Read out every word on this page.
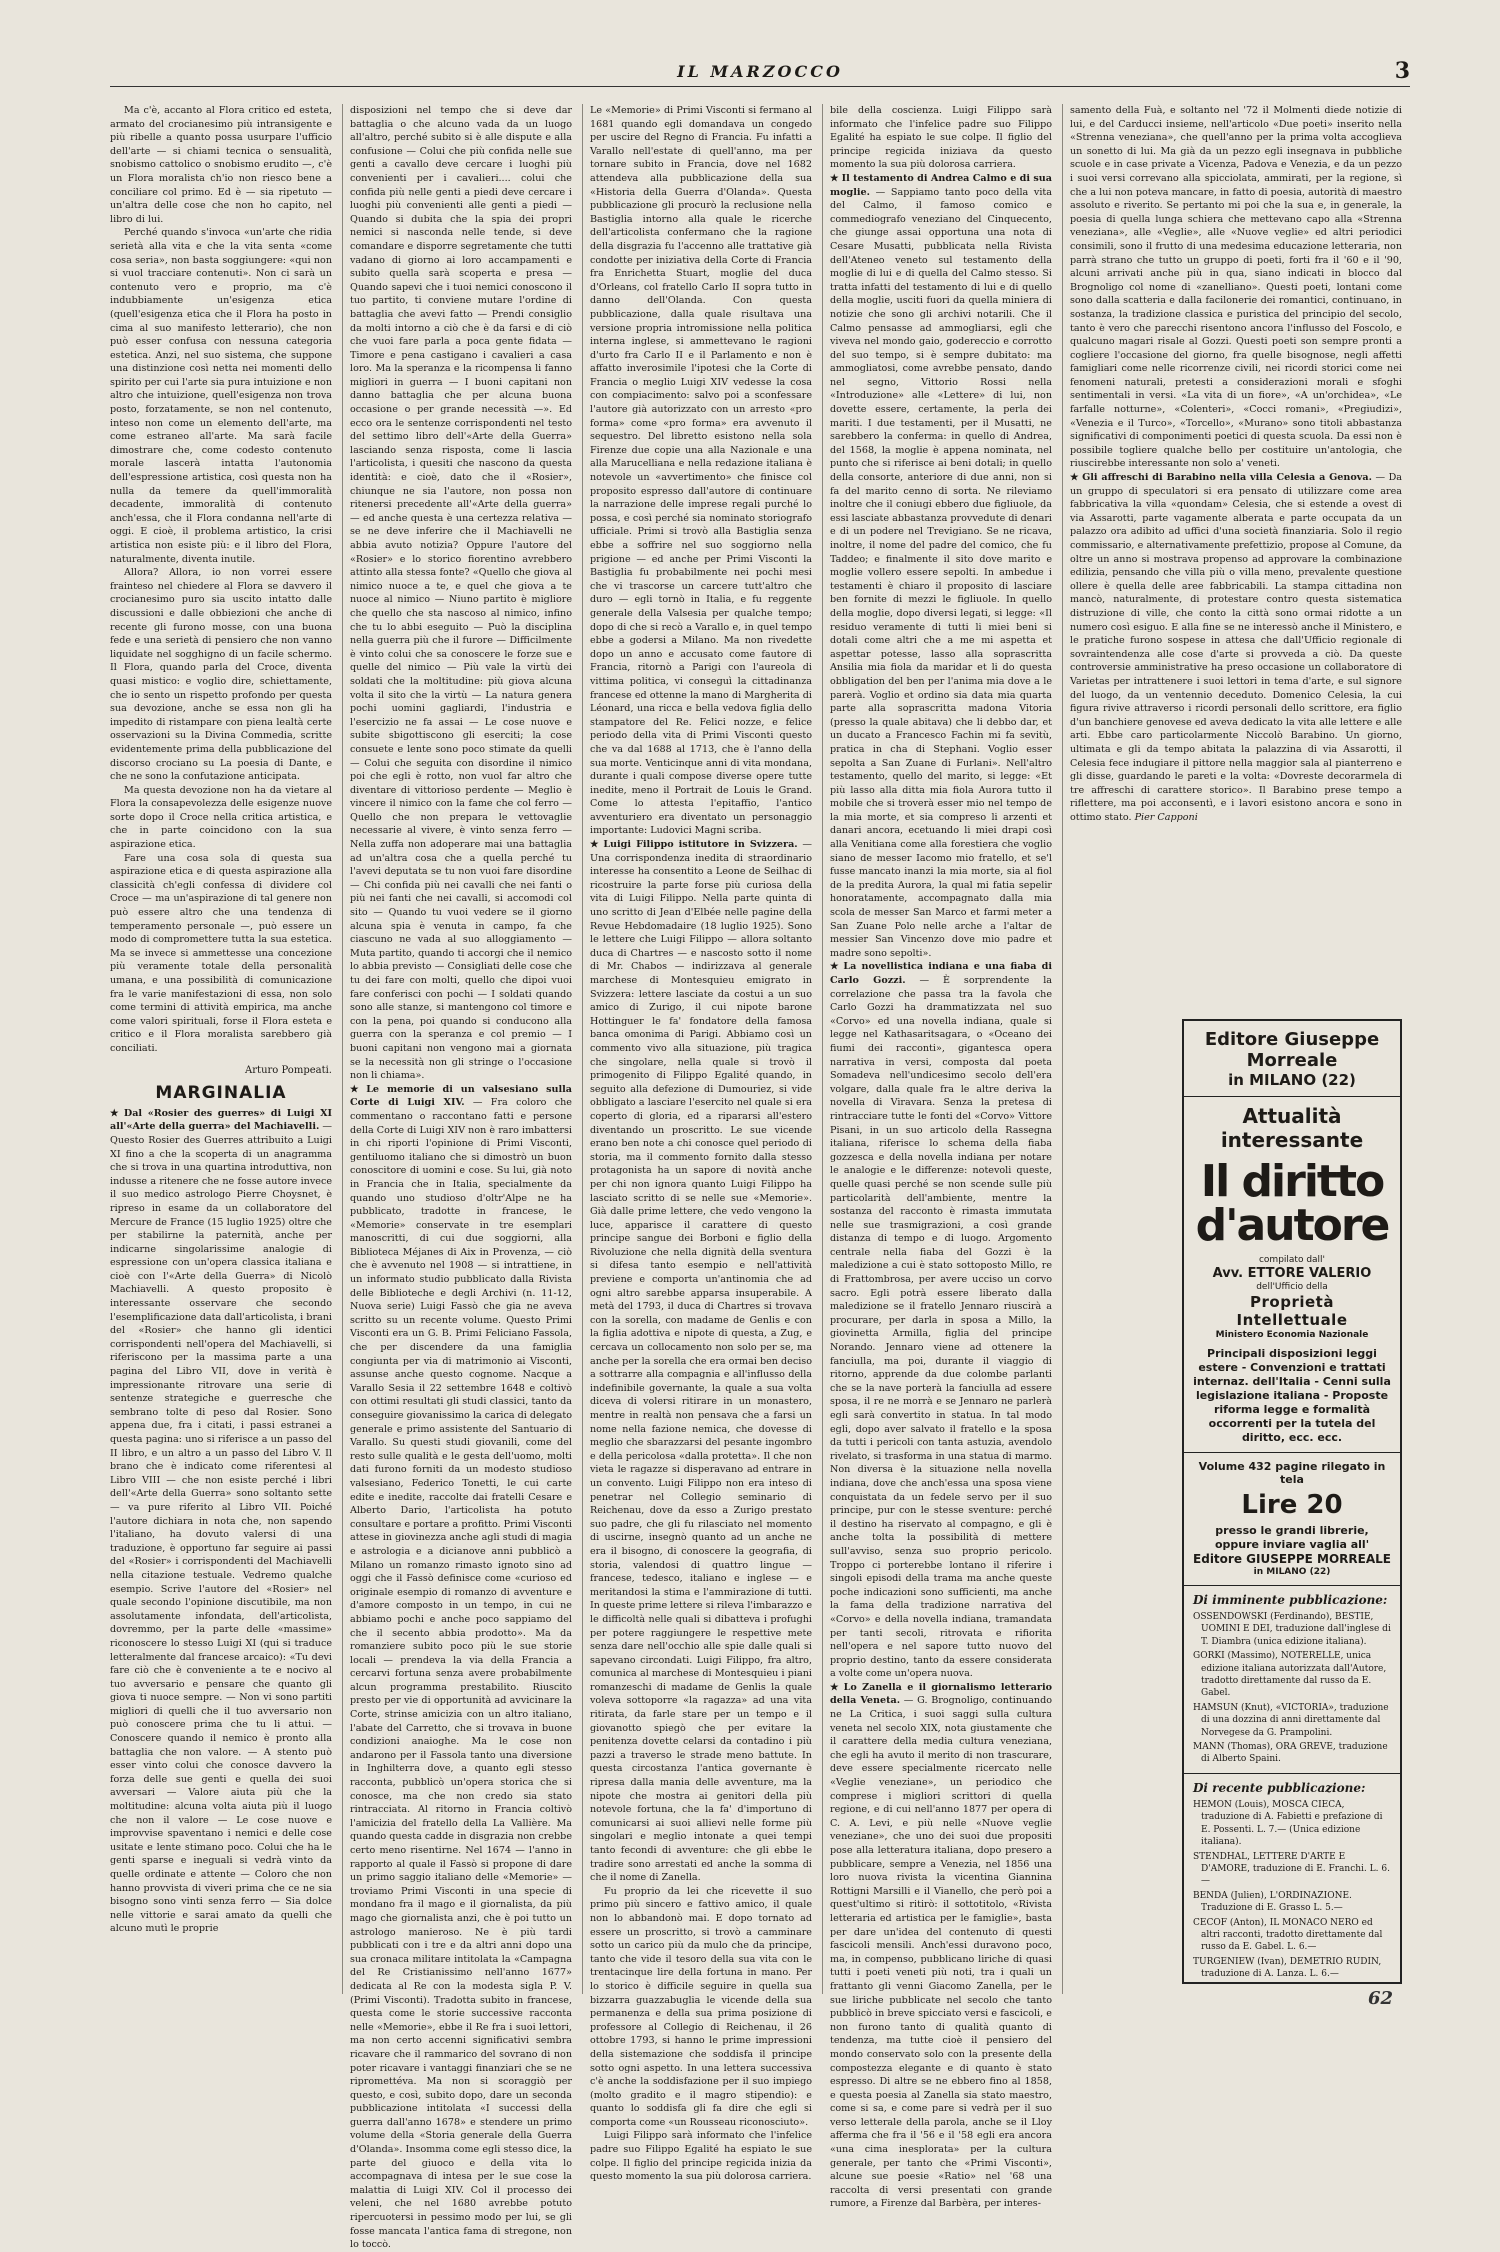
IL MARZOCCO	3

Ma c'è, accanto al Flora critico ed esteta, armato del crocianesimo più intransigente e più ribelle a quanto possa usurpare l'ufficio dell'arte — si chiami tecnica o sensualità, snobismo cattolico o snobismo erudito —, c'è un Flora moralista ch'io non riesco bene a conciliare col primo. Ed è — sia ripetuto — un'altra delle cose che non ho capito, nel libro di lui.

Perché quando s'invoca «un'arte che ridia serietà alla vita e che la vita senta «come cosa seria», non basta soggiungere: «qui non si vuol tracciare contenuti». Non ci sarà un contenuto vero e proprio, ma c'è indubbiamente un'esigenza etica (quell'esigenza etica che il Flora ha posto in cima al suo manifesto letterario), che non può esser confusa con nessuna categoria estetica. Anzi, nel suo sistema, che suppone una distinzione così netta nei momenti dello spirito per cui l'arte sia pura intuizione e non altro che intuizione, quell'esigenza non trova posto, forzatamente, se non nel contenuto, inteso non come un elemento dell'arte, ma come estraneo all'arte. Ma sarà facile dimostrare che, come codesto contenuto morale lascerà intatta l'autonomia dell'espressione artistica, così questa non ha nulla da temere da quell'immoralità decadente, immoralità di contenuto anch'essa, che il Flora condanna nell'arte di oggi. E cioè, il problema artistico, la crisi artistica non esiste più: e il libro del Flora, naturalmente, diventa inutile.

Allora? Allora, io non vorrei essere frainteso nel chiedere al Flora se davvero il crocianesimo puro sia uscito intatto dalle discussioni e dalle obbiezioni che anche di recente gli furono mosse, con una buona fede e una serietà di pensiero che non vanno liquidate nel sogghigno di un facile schermo. Il Flora, quando parla del Croce, diventa quasi mistico: e voglio dire, schiettamente, che io sento un rispetto profondo per questa sua devozione, anche se essa non gli ha impedito di ristampare con piena lealtà certe osservazioni su la Divina Commedia, scritte evidentemente prima della pubblicazione del discorso crociano su La poesia di Dante, e che ne sono la confutazione anticipata.

Ma questa devozione non ha da vietare al Flora la consapevolezza delle esigenze nuove sorte dopo il Croce nella critica artistica, e che in parte coincidono con la sua aspirazione etica.

Fare una cosa sola di questa sua aspirazione etica e di questa aspirazione alla classicità ch'egli confessa di dividere col Croce — ma un'aspirazione di tal genere non può essere altro che una tendenza di temperamento personale —, può essere un modo di compromettere tutta la sua estetica. Ma se invece si ammettesse una concezione più veramente totale della personalità umana, e una possibilità di comunicazione fra le varie manifestazioni di essa, non solo come termini di attività empirica, ma anche come valori spirituali, forse il Flora esteta e critico e il Flora moralista sarebbero già conciliati.

Arturo Pompeati.
MARGINALIA

★ Dal «Rosier des guerres» di Luigi XI all'«Arte della guerra» del Machiavelli. — Questo Rosier des Guerres attribuito a Luigi XI fino a che la scoperta di un anagramma che si trova in una quartina introduttiva, non indusse a ritenere che ne fosse autore invece il suo medico astrologo Pierre Choysnet, è ripreso in esame da un collaboratore del Mercure de France (15 luglio 1925) oltre che per stabilirne la paternità, anche per indicarne singolarissime analogie di espressione con un'opera classica italiana e cioè con l'«Arte della Guerra» di Nicolò Machiavelli. A questo proposito è interessante osservare che secondo l'esemplificazione data dall'articolista, i brani del «Rosier» che hanno gli identici corrispondenti nell'opera del Machiavelli, si riferiscono per la massima parte a una pagina del Libro VII, dove in verità è impressionante ritrovare una serie di sentenze strategiche e guerresche che sembrano tolte di peso dal Rosier. Sono appena due, fra i citati, i passi estranei a questa pagina: uno si riferisce a un passo del II libro, e un altro a un passo del Libro V. Il brano che è indicato come riferentesi al Libro VIII — che non esiste perché i libri dell'«Arte della Guerra» sono soltanto sette — va pure riferito al Libro VII. Poiché l'autore dichiara in nota che, non sapendo l'italiano, ha dovuto valersi di una traduzione, è opportuno far seguire ai passi del «Rosier» i corrispondenti del Machiavelli nella citazione testuale. Vedremo qualche esempio. Scrive l'autore del «Rosier» nel quale secondo l'opinione discutibile, ma non assolutamente infondata, dell'articolista, dovremmo, per la parte delle «massime» riconoscere lo stesso Luigi XI (qui si traduce letteralmente dal francese arcaico): «Tu devi fare ciò che è conveniente a te e nocivo al tuo avversario e pensare che quanto gli giova ti nuoce sempre. — Non vi sono partiti migliori di quelli che il tuo avversario non può conoscere prima che tu li attui. — Conoscere quando il nemico è pronto alla battaglia che non valore. — A stento può esser vinto colui che conosce davvero la forza delle sue genti e quella dei suoi avversari — Valore aiuta più che la moltitudine: alcuna volta aiuta più il luogo che non il valore — Le cose nuove e improvvise spaventano i nemici e delle cose usitate e lente stimano poco. Colui che ha le genti sparse e ineguali si vedrà vinto da quelle ordinate e attente — Coloro che non hanno provvista di viveri prima che ce ne sia bisogno sono vinti senza ferro — Sia dolce nelle vittorie e sarai amato da quelli che alcuno mutì le proprie

disposizioni nel tempo che si deve dar battaglia o che alcuno vada da un luogo all'altro, perché subito si è alle dispute e alla confusione — Colui che più confida nelle sue genti a cavallo deve cercare i luoghi più convenienti per i cavalieri.... colui che confida più nelle genti a piedi deve cercare i luoghi più convenienti alle genti a piedi — Quando si dubita che la spia dei propri nemici si nasconda nelle tende, si deve comandare e disporre segretamente che tutti vadano di giorno ai loro accampamenti e subito quella sarà scoperta e presa — Quando sapevi che i tuoi nemici conoscono il tuo partito, ti conviene mutare l'ordine di battaglia che avevi fatto — Prendi consiglio da molti intorno a ciò che è da farsi e di ciò che vuoi fare parla a poca gente fidata — Timore e pena castigano i cavalieri a casa loro. Ma la speranza e la ricompensa li fanno migliori in guerra — I buoni capitani non danno battaglia che per alcuna buona occasione o per grande necessità —». Ed ecco ora le sentenze corrispondenti nel testo del settimo libro dell'«Arte della Guerra» lasciando senza risposta, come li lascia l'articolista, i quesiti che nascono da questa identità: e cioè, dato che il «Rosier», chiunque ne sia l'autore, non possa non ritenersi precedente all'«Arte della guerra» — ed anche questa è una certezza relativa — se ne deve inferire che il Machiavelli ne abbia avuto notizia? Oppure l'autore del «Rosier» e lo storico fiorentino avrebbero attinto alla stessa fonte? «Quello che giova al nimico nuoce a te, e quel che giova a te nuoce al nimico — Niuno partito è migliore che quello che sta nascoso al nimico, infino che tu lo abbi eseguito — Può la disciplina nella guerra più che il furore — Difficilmente è vinto colui che sa conoscere le forze sue e quelle del nimico — Più vale la virtù dei soldati che la moltitudine: più giova alcuna volta il sito che la virtù — La natura genera pochi uomini gagliardi, l'industria e l'esercizio ne fa assai — Le cose nuove e subite sbigottiscono gli eserciti; la cose consuete e lente sono poco stimate da quelli — Colui che seguita con disordine il nimico poi che egli è rotto, non vuol far altro che diventare di vittorioso perdente — Meglio è vincere il nimico con la fame che col ferro — Quello che non prepara le vettovaglie necessarie al vivere, è vinto senza ferro — Nella zuffa non adoperare mai una battaglia ad un'altra cosa che a quella perché tu l'avevi deputata se tu non vuoi fare disordine — Chi confida più nei cavalli che nei fanti o più nei fanti che nei cavalli, si accomodi col sito — Quando tu vuoi vedere se il giorno alcuna spia è venuta in campo, fa che ciascuno ne vada al suo alloggiamento — Muta partito, quando ti accorgi che il nemico lo abbia previsto — Consigliati delle cose che tu dei fare con molti, quello che dipoi vuoi fare conferisci con pochi — I soldati quando sono alle stanze, si mantengono col timore e con la pena, poi quando si conducono alla guerra con la speranza e col premio — I buoni capitani non vengono mai a giornata se la necessità non gli stringe o l'occasione non li chiama».

★ Le memorie di un valsesiano sulla Corte di Luigi XIV. — Fra coloro che commentano o raccontano fatti e persone della Corte di Luigi XIV non è raro imbattersi in chi riporti l'opinione di Primi Visconti, gentiluomo italiano che si dimostrò un buon conoscitore di uomini e cose. Su lui, già noto in Francia che in Italia, specialmente da quando uno studioso d'oltr'Alpe ne ha pubblicato, tradotte in francese, le «Memorie» conservate in tre esemplari manoscritti, di cui due soggiorni, alla Biblioteca Méjanes di Aix in Provenza, — ciò che è avvenuto nel 1908 — si intrattiene, in un informato studio pubblicato dalla Rivista delle Biblioteche e degli Archivi (n. 11-12, Nuova serie) Luigi Fassò che gia ne aveva scritto su un recente volume. Questo Primi Visconti era un G. B. Primi Feliciano Fassola, che per discendere da una famiglia congiunta per via di matrimonio ai Visconti, assunse anche questo cognome. Nacque a Varallo Sesia il 22 settembre 1648 e coltivò con ottimi resultati gli studi classici, tanto da conseguire giovanissimo la carica di delegato generale e primo assistente del Santuario di Varallo. Su questi studi giovanili, come del resto sulle qualità e le gesta dell'uomo, molti dati furono forniti da un modesto studioso valsesiano, Federico Tonetti, le cui carte edite e inedite, raccolte dai fratelli Cesare e Alberto Dario, l'articolista ha potuto consultare e portare a profitto. Primi Visconti attese in giovinezza anche agli studi di magia e astrologia e a dicianove anni pubblicò a Milano un romanzo rimasto ignoto sino ad oggi che il Fassò definisce come «curioso ed originale esempio di romanzo di avventure e d'amore composto in un tempo, in cui ne abbiamo pochi e anche poco sappiamo del che il secento abbia prodotto». Ma da romanziere subito poco più le sue storie locali — prendeva la via della Francia a cercarvi fortuna senza avere probabilmente alcun programma prestabilito. Riuscito presto per vie di opportunità ad avvicinare la Corte, strinse amicizia con un altro italiano, l'abate del Carretto, che si trovava in buone condizioni anaioghe. Ma le cose non andarono per il Fassola tanto una diversione in Inghilterra dove, a quanto egli stesso racconta, pubblicò un'opera storica che si conosce, ma che non credo sia stato rintracciata. Al ritorno in Francia coltivò l'amicizia del fratello della La Vallière. Ma quando questa cadde in disgrazia non crebbe certo meno risentirne. Nel 1674 — l'anno in rapporto al quale il Fassò si propone di dare un primo saggio italiano delle «Memorie» — troviamo Primi Visconti in una specie di mondano fra il mago e il giornalista, da più mago che giornalista anzi, che è poi tutto un astrologo manieroso. Ne è più tardi pubblicati con i tre e da altri anni dopo una sua cronaca militare intitolata la «Campagna del Re Cristianissimo nell'anno 1677» dedicata al Re con la modesta sigla P. V. (Primi Visconti). Tradotta subito in francese, questa come le storie successive racconta nelle «Memorie», ebbe il Re fra i suoi lettori, ma non certo accenni significativi sembra ricavare che il rammarico del sovrano di non poter ricavare i vantaggi finanziari che se ne ripromettéva. Ma non si scoraggiò per questo, e così, subito dopo, dare un seconda pubblicazione intitolata «I successi della guerra dall'anno 1678» e stendere un primo volume della «Storia generale della Guerra d'Olanda». Insomma come egli stesso dice, la parte del giuoco e della vita lo accompagnava di intesa per le sue cose la malattia di Luigi XIV. Col il processo dei veleni, che nel 1680 avrebbe potuto ripercuotersi in pessimo modo per lui, se gli fosse mancata l'antica fama di stregone, non lo toccò.

Le «Memorie» di Primi Visconti si fermano al 1681 quando egli domandava un congedo per uscire del Regno di Francia. Fu infatti a Varallo nell'estate di quell'anno, ma per tornare subito in Francia, dove nel 1682 attendeva alla pubblicazione della sua «Historia della Guerra d'Olanda». Questa pubblicazione gli procurò la reclusione nella Bastiglia intorno alla quale le ricerche dell'articolista confermano che la ragione della disgrazia fu l'accenno alle trattative già condotte per iniziativa della Corte di Francia fra Enrichetta Stuart, moglie del duca d'Orleans, col fratello Carlo II sopra tutto in danno dell'Olanda. Con questa pubblicazione, dalla quale risultava una versione propria intromissione nella politica interna inglese, si ammettevano le ragioni d'urto fra Carlo II e il Parlamento e non è affatto inverosimile l'ipotesi che la Corte di Francia o meglio Luigi XIV vedesse la cosa con compiacimento: salvo poi a sconfessare l'autore già autorizzato con un arresto «pro forma» come «pro forma» era avvenuto il sequestro. Del libretto esistono nella sola Firenze due copie una alla Nazionale e una alla Marucelliana e nella redazione italiana è notevole un «avvertimento» che finisce col proposito espresso dall'autore di continuare la narrazione delle imprese regali purché lo possa, e così perché sia nominato storiografo ufficiale. Primi si trovò alla Bastiglia senza ebbe a soffrire nel suo soggiorno nella prigione — ed anche per Primi Visconti la Bastiglia fu probabilmente nei pochi mesi che vi trascorse un carcere tutt'altro che duro — egli tornò in Italia, e fu reggente generale della Valsesia per qualche tempo; dopo di che si recò a Varallo e, in quel tempo ebbe a godersi a Milano. Ma non rivedette dopo un anno e accusato come fautore di Francia, ritornò a Parigi con l'aureola di vittima politica, vi conseguì la cittadinanza francese ed ottenne la mano di Margherita di Léonard, una ricca e bella vedova figlia dello stampatore del Re. Felici nozze, e felice periodo della vita di Primi Visconti questo che va dal 1688 al 1713, che è l'anno della sua morte. Venticinque anni di vita mondana, durante i quali compose diverse opere tutte inedite, meno il Portrait de Louis le Grand. Come lo attesta l'epitaffio, l'antico avventuriero era diventato un personaggio importante: Ludovici Magni scriba.

★ Luigi Filippo istitutore in Svizzera. — Una corrispondenza inedita di straordinario interesse ha consentito a Leone de Seilhac di ricostruire la parte forse più curiosa della vita di Luigi Filippo. Nella parte quinta di uno scritto di Jean d'Elbée nelle pagine della Revue Hebdomadaire (18 luglio 1925). Sono le lettere che Luigi Filippo — allora soltanto duca di Chartres — e nascosto sotto il nome di Mr. Chabos — indirizzava al generale marchese di Montesquieu emigrato in Svizzera: lettere lasciate da costui a un suo amico di Zurigo, il cui nipote barone Hottinguer le fa' fondatore della famosa banca omonima di Parigi. Abbiamo così un commento vivo alla situazione, più tragica che singolare, nella quale si trovò il primogenito di Filippo Egalité quando, in seguito alla defezione di Dumouriez, si vide obbligato a lasciare l'esercito nel quale si era coperto di gloria, ed a ripararsi all'estero diventando un proscritto. Le sue vicende erano ben note a chi conosce quel periodo di storia, ma il commento fornito dalla stesso protagonista ha un sapore di novità anche per chi non ignora quanto Luigi Filippo ha lasciato scritto di se nelle sue «Memorie». Già dalle prime lettere, che vedo vengono la luce, apparisce il carattere di questo principe sangue dei Borboni e figlio della Rivoluzione che nella dignità della sventura si difesa tanto esempio e nell'attività previene e comporta un'antinomia che ad ogni altro sarebbe apparsa insuperabile. A metà del 1793, il duca di Chartres si trovava con la sorella, con madame de Genlis e con la figlia adottiva e nipote di questa, a Zug, e cercava un collocamento non solo per se, ma anche per la sorella che era ormai ben deciso a sottrarre alla compagnia e all'influsso della indefinibile governante, la quale a sua volta diceva di volersi ritirare in un monastero, mentre in realtà non pensava che a farsi un nome nella fazione nemica, che dovesse di meglio che sbarazzarsi del pesante ingombro e della pericolosa «dalla protetta». Il che non vieta le ragazze si disperavano ad entrare in un convento. Luigi Filippo non era inteso di penetrar nel Collegio seminario di Reichenau, dove da esso a Zurigo prestato suo padre, che gli fu rilasciato nel momento di uscirne, insegnò quanto ad un anche ne era il bisogno, di conoscere la geografia, di storia, valendosi di quattro lingue — francese, tedesco, italiano e inglese — e meritandosi la stima e l'ammirazione di tutti. In queste prime lettere si rileva l'imbarazzo e le difficoltà nelle quali si dibatteva i profughi per potere raggiungere le respettive mete senza dare nell'occhio alle spie dalle quali si sapevano circondati. Luigi Filippo, fra altro, comunica al marchese di Montesquieu i piani romanzeschi di madame de Genlis la quale voleva sottoporre «la ragazza» ad una vita ritirata, da farle stare per un tempo e il giovanotto spiegò che per evitare la penitenza dovette celarsi da contadino i più pazzi a traverso le strade meno battute. In questa circostanza l'antica governante è ripresa dalla mania delle avventure, ma la nipote che mostra ai genitori della più notevole fortuna, che la fa' d'importuno di comunicarsi ai suoi allievi nelle forme più singolari e meglio intonate a quei tempi tanto fecondi di avventure: che gli ebbe le tradire sono arrestati ed anche la somma di che il nome di Zanella.

Fu proprio da lei che ricevette il suo primo più sincero e fattivo amico, il quale non lo abbandonò mai. E dopo tornato ad essere un proscritto, si trovò a camminare sotto un carico più da mulo che da principe, tanto che vide il tesoro della sua vita con le trentacinque lire della fortuna in mano. Per lo storico è difficile seguire in quella sua bizzarra guazzabuglia le vicende della sua permanenza e della sua prima posizione di professore al Collegio di Reichenau, il 26 ottobre 1793, si hanno le prime impressioni della sistemazione che soddisfa il principe sotto ogni aspetto. In una lettera successiva c'è anche la soddisfazione per il suo impiego (molto gradito e il magro stipendio): e quanto lo soddisfa gli fa dire che egli si comporta come «un Rousseau riconosciuto».

Luigi Filippo sarà informato che l'infelice padre suo Filippo Egalité ha espiato le sue colpe. Il figlio del principe regicida inizia da questo momento la sua più dolorosa carriera.

bile della coscienza. Luigi Filippo sarà informato che l'infelice padre suo Filippo Egalité ha espiato le sue colpe. Il figlio del principe regicida iniziava da questo momento la sua più dolorosa carriera.

★ Il testamento di Andrea Calmo e di sua moglie. — Sappiamo tanto poco della vita del Calmo, il famoso comico e commediografo veneziano del Cinquecento, che giunge assai opportuna una nota di Cesare Musatti, pubblicata nella Rivista dell'Ateneo veneto sul testamento della moglie di lui e di quella del Calmo stesso. Si tratta infatti del testamento di lui e di quello della moglie, usciti fuori da quella miniera di notizie che sono gli archivi notarili. Che il Calmo pensasse ad ammogliarsi, egli che viveva nel mondo gaio, godereccio e corrotto del suo tempo, si è sempre dubitato: ma ammogliatosi, come avrebbe pensato, dando nel segno, Vittorio Rossi nella «Introduzione» alle «Lettere» di lui, non dovette essere, certamente, la perla dei mariti. I due testamenti, per il Musatti, ne sarebbero la conferma: in quello di Andrea, del 1568, la moglie è appena nominata, nel punto che si riferisce ai beni dotali; in quello della consorte, anteriore di due anni, non si fa del marito cenno di sorta. Ne rileviamo inoltre che il coniugi ebbero due figliuole, da essi lasciate abbastanza provvedute di denari e di un podere nel Trevigiano. Se ne ricava, inoltre, il nome del padre del comico, che fu Taddeo; e finalmente il sito dove marito e moglie vollero essere sepolti. In ambedue i testamenti è chiaro il proposito di lasciare ben fornite di mezzi le figliuole. In quello della moglie, dopo diversi legati, si legge: «Il residuo veramente di tutti li miei beni si dotali come altri che a me mi aspetta et aspettar potesse, lasso alla soprascritta Ansilia mia fiola da maridar et li do questa obbligation del ben per l'anima mia dove a le parerà. Voglio et ordino sia data mia quarta parte alla soprascritta madona Vitoria (presso la quale abitava) che li debbo dar, et un ducato a Francesco Fachin mi fa sevitù, pratica in cha di Stephani. Voglio esser sepolta a San Zuane di Furlani». Nell'altro testamento, quello del marito, si legge: «Et più lasso alla ditta mia fiola Aurora tutto il mobile che si troverà esser mio nel tempo de la mia morte, et sia compreso li arzenti et danari ancora, ecetuando li miei drapi così alla Venitiana come alla forestiera che voglio siano de messer Iacomo mio fratello, et se'l fusse mancato inanzi la mia morte, sia al fiol de la predita Aurora, la qual mi fatia sepelir honoratamente, accompagnato dalla mia scola de messer San Marco et farmi meter a San Zuane Polo nelle arche a l'altar de messier San Vincenzo dove mio padre et madre sono sepolti».

★ La novellistica indiana e una fiaba di Carlo Gozzi. — È sorprendente la correlazione che passa tra la favola che Carlo Gozzi ha drammatizzata nel suo «Corvo» ed una novella indiana, quale si legge nel Kathasaritsagara, o «Oceano dei fiumi dei racconti», gigantesca opera narrativa in versi, composta dal poeta Somadeva nell'undicesimo secolo dell'era volgare, dalla quale fra le altre deriva la novella di Viravara. Senza la pretesa di rintracciare tutte le fonti del «Corvo» Vittore Pisani, in un suo articolo della Rassegna italiana, riferisce lo schema della fiaba gozzesca e della novella indiana per notare le analogie e le differenze: notevoli queste, quelle quasi perché se non scende sulle più particolarità dell'ambiente, mentre la sostanza del racconto è rimasta immutata nelle sue trasmigrazioni, a così grande distanza di tempo e di luogo. Argomento centrale nella fiaba del Gozzi è la maledizione a cui è stato sottoposto Millo, re di Frattombrosa, per avere ucciso un corvo sacro. Egli potrà essere liberato dalla maledizione se il fratello Jennaro riuscirà a procurare, per darla in sposa a Millo, la giovinetta Armilla, figlia del principe Norando. Jennaro viene ad ottenere la fanciulla, ma poi, durante il viaggio di ritorno, apprende da due colombe parlanti che se la nave porterà la fanciulla ad essere sposa, il re ne morrà e se Jennaro ne parlerà egli sarà convertito in statua. In tal modo egli, dopo aver salvato il fratello e la sposa da tutti i pericoli con tanta astuzia, avendolo rivelato, si trasforma in una statua di marmo. Non diversa è la situazione nella novella indiana, dove che anch'essa una sposa viene conquistata da un fedele servo per il suo principe, pur con le stesse sventure: perché il destino ha riservato al compagno, e gli è anche tolta la possibilità di mettere sull'avviso, senza suo proprio pericolo. Troppo ci porterebbe lontano il riferire i singoli episodi della trama ma anche queste poche indicazioni sono sufficienti, ma anche la fama della tradizione narrativa del «Corvo» e della novella indiana, tramandata per tanti secoli, ritrovata e rifiorita nell'opera e nel sapore tutto nuovo del proprio destino, tanto da essere considerata a volte come un'opera nuova.

★ Lo Zanella e il giornalismo letterario della Veneta. — G. Brognoligo, continuando ne La Critica, i suoi saggi sulla cultura veneta nel secolo XIX, nota giustamente che il carattere della media cultura veneziana, che egli ha avuto il merito di non trascurare, deve essere specialmente ricercato nelle «Veglie veneziane», un periodico che comprese i migliori scrittori di quella regione, e di cui nell'anno 1877 per opera di C. A. Levi, e più nelle «Nuove veglie veneziane», che uno dei suoi due propositi pose alla letteratura italiana, dopo presero a pubblicare, sempre a Venezia, nel 1856 una loro nuova rivista la vicentina Giannina Rottigni Marsilli e il Vianello, che però poi a quest'ultimo si ritirò: il sottotitolo, «Rivista letteraria ed artistica per le famiglie», basta per dare un'idea del contenuto di questi fascicoli mensili. Anch'essi duravono poco, ma, in compenso, pubblicano liriche di quasi tutti i poeti veneti più noti, tra i quali un frattanto gli venni Giacomo Zanella, per le sue liriche pubblicate nel secolo che tanto pubblicò in breve spicciato versi e fascicoli, e non furono tanto di qualità quanto di tendenza, ma tutte cioè il pensiero del mondo conservato solo con la presente della compostezza elegante e di quanto è stato espresso. Di altre se ne ebbero fino al 1858, e questa poesia al Zanella sia stato maestro, come si sa, e come pare si vedrà per il suo verso letterale della parola, anche se il Lloy afferma che fra il '56 e il '58 egli era ancora «una cima inesplorata» per la cultura generale, per tanto che «Primi Visconti», alcune sue poesie «Ratio» nel '68 una raccolta di versi presentati con grande rumore, a Firenze dal Barbèra, per interes-

samento della Fuà, e soltanto nel '72 il Molmenti diede notizie di lui, e del Carducci insieme, nell'articolo «Due poeti» inserito nella «Strenna veneziana», che quell'anno per la prima volta accoglieva un sonetto di lui. Ma già da un pezzo egli insegnava in pubbliche scuole e in case private a Vicenza, Padova e Venezia, e da un pezzo i suoi versi correvano alla spicciolata, ammirati, per la regione, sì che a lui non poteva mancare, in fatto di poesia, autorità di maestro assoluto e riverito. Se pertanto mi poi che la sua e, in generale, la poesia di quella lunga schiera che mettevano capo alla «Strenna veneziana», alle «Veglie», alle «Nuove veglie» ed altri periodici consimili, sono il frutto di una medesima educazione letteraria, non parrà strano che tutto un gruppo di poeti, forti fra il '60 e il '90, alcuni arrivati anche più in qua, siano indicati in blocco dal Brognoligo col nome di «zanelliano». Questi poeti, lontani come sono dalla scatteria e dalla facilonerie dei romantici, continuano, in sostanza, la tradizione classica e puristica del principio del secolo, tanto è vero che parecchi risentono ancora l'influsso del Foscolo, e qualcuno magari risale al Gozzi. Questi poeti son sempre pronti a cogliere l'occasione del giorno, fra quelle bisognose, negli affetti famigliari come nelle ricorrenze civili, nei ricordi storici come nei fenomeni naturali, pretesti a considerazioni morali e sfoghi sentimentali in versi. «La vita di un fiore», «A un'orchidea», «Le farfalle notturne», «Colenteri», «Cocci romani», «Pregiudizi», «Venezia e il Turco», «Torcello», «Murano» sono titoli abbastanza significativi di componimenti poetici di questa scuola. Da essi non è possibile togliere qualche bello per costituire un'antologia, che riuscirebbe interessante non solo a' veneti.

★ Gli affreschi di Barabino nella villa Celesia a Genova. — Da un gruppo di speculatori si era pensato di utilizzare come area fabbricativa la villa «quondam» Celesia, che si estende a ovest di via Assarotti, parte vagamente alberata e parte occupata da un palazzo ora adibito ad uffici d'una società finanziaria. Solo il regio commissario, e alternativamente prefettizio, propose al Comune, da oltre un anno si mostrava propenso ad approvare la combinazione edilizia, pensando che villa più o villa meno, prevalente questione ollere è quella delle aree fabbricabili. La stampa cittadina non mancò, naturalmente, di protestare contro questa sistematica distruzione di ville, che conto la città sono ormai ridotte a un numero così esiguo. E alla fine se ne interessò anche il Ministero, e le pratiche furono sospese in attesa che dall'Ufficio regionale di sovraintendenza alle cose d'arte si provveda a ciò. Da queste controversie amministrative ha preso occasione un collaboratore di Varietas per intrattenere i suoi lettori in tema d'arte, e sul signore del luogo, da un ventennio deceduto. Domenico Celesia, la cui figura rivive attraverso i ricordi personali dello scrittore, era figlio d'un banchiere genovese ed aveva dedicato la vita alle lettere e alle arti. Ebbe caro particolarmente Niccolò Barabino. Un giorno, ultimata e gli da tempo abitata la palazzina di via Assarotti, il Celesia fece indugiare il pittore nella maggior sala al pianterreno e gli disse, guardando le pareti e la volta: «Dovreste decorarmela di tre affreschi di carattere storico». Il Barabino prese tempo a riflettere, ma poi acconsentì, e i lavori esistono ancora e sono in ottimo stato. Pier Capponi

Editore Giuseppe Morreale
in MILANO (22)
Attualità interessante
Il diritto d'autore
compilato dall'
Avv. ETTORE VALERIO
dell'Ufficio della
Proprietà Intellettuale
Ministero Economia Nazionale
Principali disposizioni leggi estere - Convenzioni e trattati internaz. dell'Italia - Cenni sulla legislazione italiana - Proposte riforma legge e formalità occorrenti per la tutela del diritto, ecc. ecc.
Volume 432 pagine rilegato in tela
Lire 20
presso le grandi librerie, oppure inviare vaglia all'
Editore GIUSEPPE MORREALE
in MILANO (22)
Di imminente pubblicazione:
OSSENDOWSKI (Ferdinando), BESTIE, UOMINI E DEI, traduzione dall'inglese di T. Diambra (unica edizione italiana).
GORKI (Massimo), NOTERELLE, unica edizione italiana autorizzata dall'Autore, tradotto direttamente dal russo da E. Gabel.
HAMSUN (Knut), «VICTORIA», traduzione di una dozzina di anni direttamente dal Norvegese da G. Prampolini.
MANN (Thomas), ORA GREVE, traduzione di Alberto Spaini.
Di recente pubblicazione:
HEMON (Louis), MOSCA CIECA, traduzione di A. Fabietti e prefazione di E. Possenti. L. 7.— (Unica edizione italiana).
STENDHAL, LETTERE D'ARTE E D'AMORE, traduzione di E. Franchi. L. 6.—
BENDA (Julien), L'ORDINAZIONE. Traduzione di E. Grasso L. 5.—
CECOF (Anton), IL MONACO NERO ed altri racconti, tradotto direttamente dal russo da E. Gabel. L. 6.—
TURGENIEW (Ivan), DEMETRIO RUDIN, traduzione di A. Lanza. L. 6.—
62
